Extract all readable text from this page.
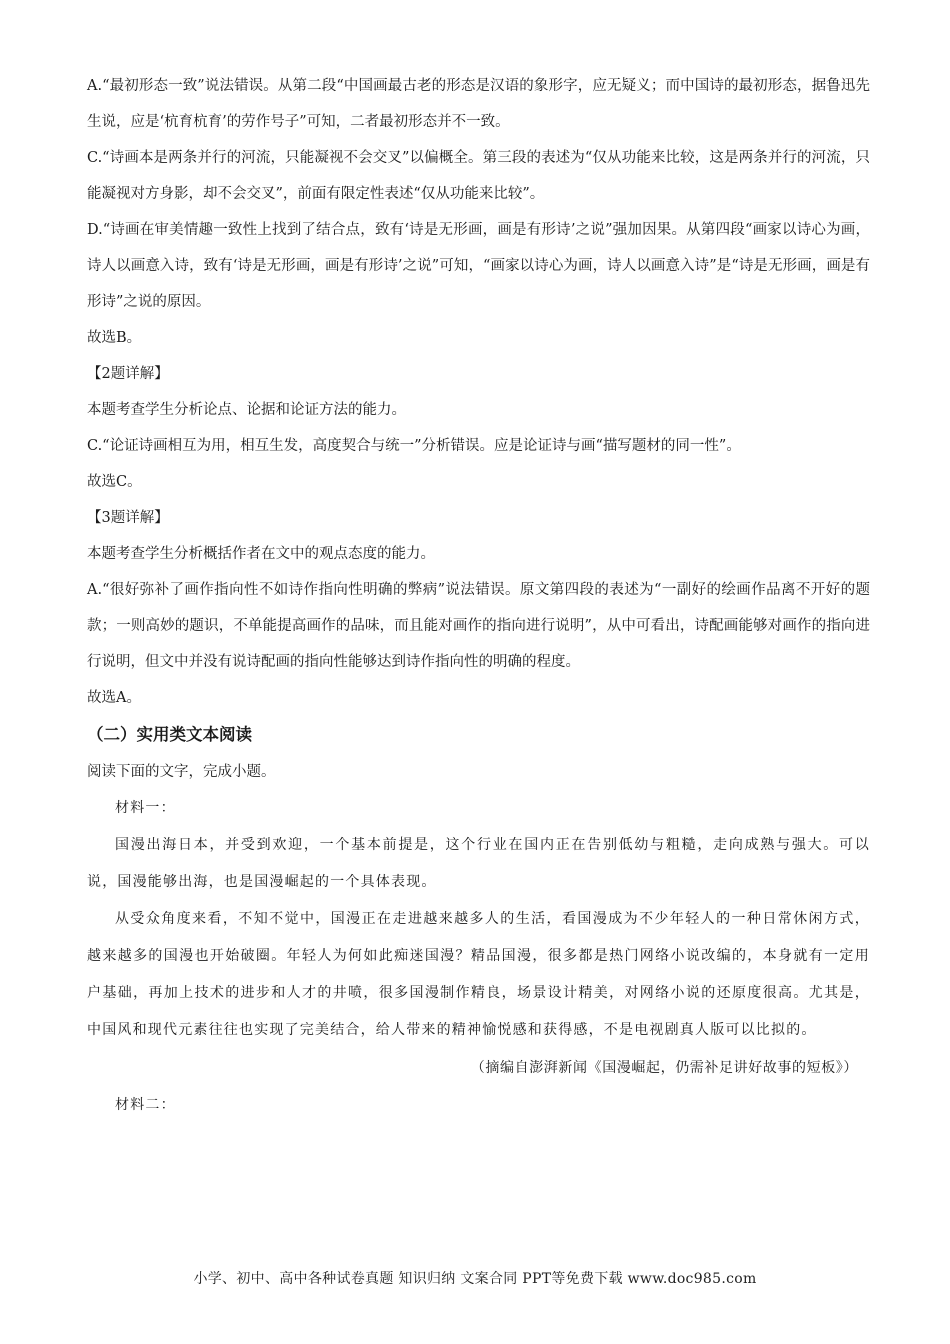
A.“最初形态一致”说法错误。从第二段“中国画最古老的形态是汉语的象形字，应无疑义；而中国诗的最初形态，据鲁迅先生说，应是‘杭育杭育’的劳作号子”可知，二者最初形态并不一致。

C.“诗画本是两条并行的河流，只能凝视不会交叉”以偏概全。第三段的表述为“仅从功能来比较，这是两条并行的河流，只能凝视对方身影，却不会交叉”，前面有限定性表述“仅从功能来比较”。

D.“诗画在审美情趣一致性上找到了结合点，致有‘诗是无形画，画是有形诗’之说”强加因果。从第四段“画家以诗心为画，诗人以画意入诗，致有‘诗是无形画，画是有形诗’之说”可知，“画家以诗心为画，诗人以画意入诗”是“诗是无形画，画是有形诗”之说的原因。

故选B。

【2题详解】

本题考查学生分析论点、论据和论证方法的能力。

C.“论证诗画相互为用，相互生发，高度契合与统一”分析错误。应是论证诗与画“描写题材的同一性”。

故选C。

【3题详解】

本题考查学生分析概括作者在文中的观点态度的能力。

A.“很好弥补了画作指向性不如诗作指向性明确的弊病”说法错误。原文第四段的表述为“一副好的绘画作品离不开好的题款；一则高妙的题识，不单能提高画作的品味，而且能对画作的指向进行说明”，从中可看出，诗配画能够对画作的指向进行说明，但文中并没有说诗配画的指向性能够达到诗作指向性的明确的程度。

故选A。

（二）实用类文本阅读

阅读下面的文字，完成小题。

材料一：

国漫出海日本，并受到欢迎，一个基本前提是，这个行业在国内正在告别低幼与粗糙，走向成熟与强大。可以说，国漫能够出海，也是国漫崛起的一个具体表现。

从受众角度来看，不知不觉中，国漫正在走进越来越多人的生活，看国漫成为不少年轻人的一种日常休闲方式，越来越多的国漫也开始破圈。年轻人为何如此痴迷国漫？精品国漫，很多都是热门网络小说改编的，本身就有一定用户基础，再加上技术的进步和人才的井喷，很多国漫制作精良，场景设计精美，对网络小说的还原度很高。尤其是，中国风和现代元素往往也实现了完美结合，给人带来的精神愉悦感和获得感，不是电视剧真人版可以比拟的。

（摘编自澎湃新闻《国漫崛起，仍需补足讲好故事的短板》）

材料二：

小学、初中、高中各种试卷真题 知识归纳 文案合同 PPT等免费下载 www.doc985.com
